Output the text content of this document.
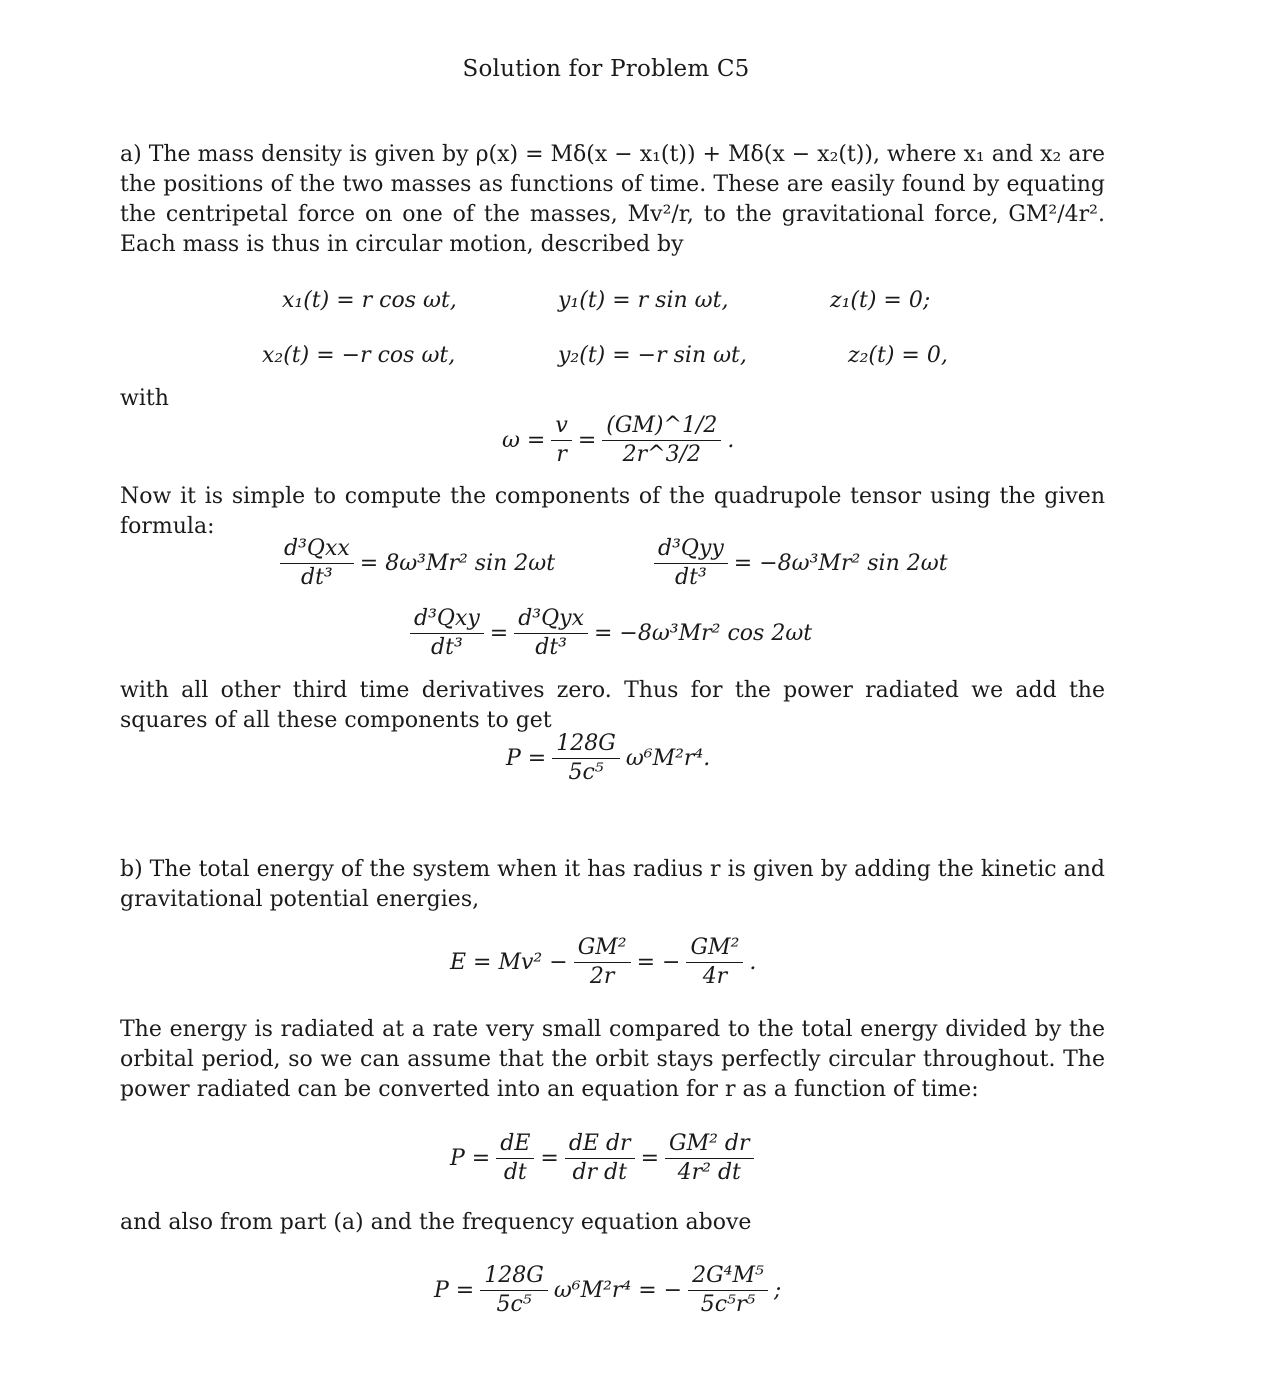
Solution for Problem C5
a) The mass density is given by ρ(x) = Mδ(x − x₁(t)) + Mδ(x − x₂(t)), where x₁ and x₂ are the positions of the two masses as functions of time. These are easily found by equating the centripetal force on one of the masses, Mv²/r, to the gravitational force, GM²/4r². Each mass is thus in circular motion, described by
x₁(t) = r cos ωt,	y₁(t) = r sin ωt,	z₁(t) = 0;
x₂(t) = −r cos ωt,	y₂(t) = −r sin ωt,	z₂(t) = 0,
with
$\omega = \frac{v}{r} = \frac{(GM)\^{}1/2}{2r\^{}3/2}$ .
Now it is simple to compute the components of the quadrupole tensor using the given formula:
$\frac{\text{d³Qxx}}{\text{dt³}} = 8\omega^3Mr^2$ sin 2ωt	$\frac{\text{d³Qyy}}{\text{dt³}} = -8\omega^3Mr^2$ sin 2ωt
$\frac{\text{d³Qxy}}{\text{dt³}} = \frac{\text{d³Qyx}}{\text{dt³}} = -8\omega^3Mr^2$ cos 2ωt
with all other third time derivatives zero. Thus for the power radiated we add the squares of all these components to get
$P = \frac{128G}{\text{5c⁵}} \omega^6M^2r^4$.
b) The total energy of the system when it has radius r is given by adding the kinetic and gravitational potential energies,
$E = Mv^2 - \frac{\text{GM²}}{2r}$ = − $\frac{\text{GM²}}{4r}$ .
The energy is radiated at a rate very small compared to the total energy divided by the orbital period, so we can assume that the orbit stays perfectly circular throughout. The power radiated can be converted into an equation for r as a function of time:
$P = \frac{dE}{dt} = \frac{\text{dE dr}}{\text{dr dt}} = \frac{\text{GM² dr}}{\text{4r² dt}}$
and also from part (a) and the frequency equation above
$P = \frac{128G}{\text{5c⁵}} \omega^6M^2r^4$ = − $\frac{\text{2G⁴M⁵}}{\text{5c⁵r⁵}}$ ;
